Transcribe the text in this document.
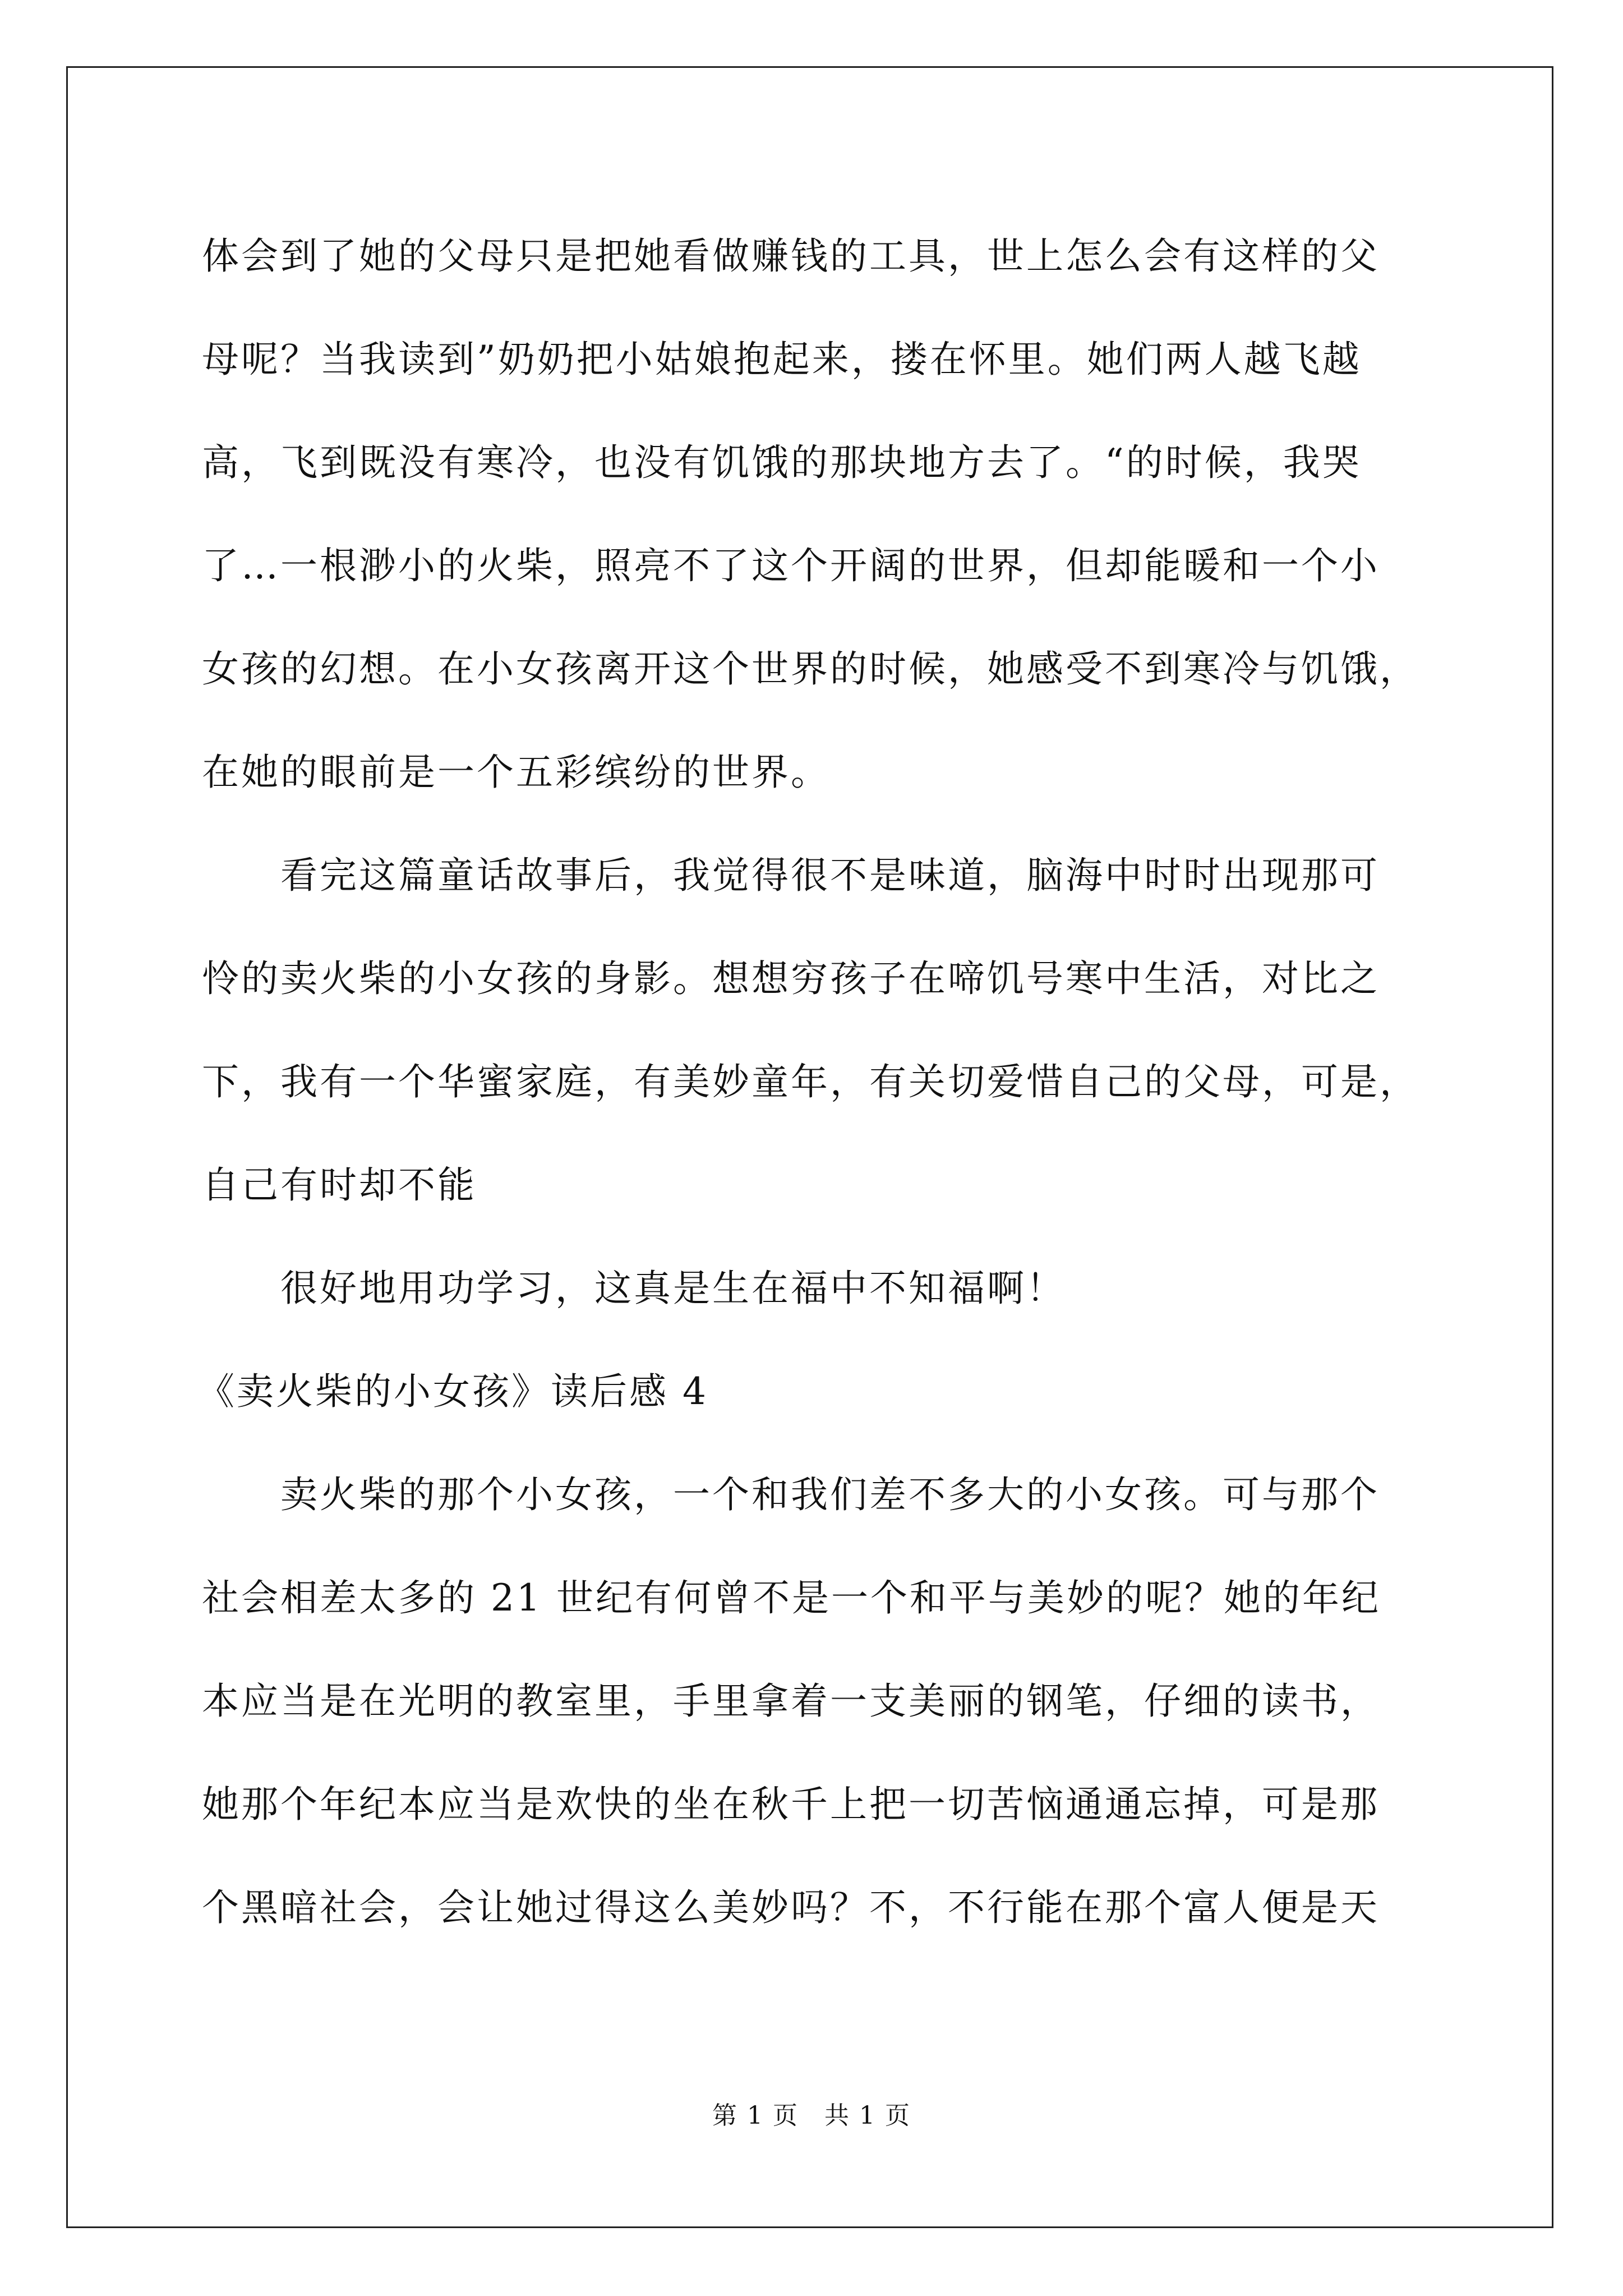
体会到了她的父母只是把她看做赚钱的工具，世上怎么会有这样的父
母呢？当我读到”奶奶把小姑娘抱起来，搂在怀里。她们两人越飞越
高，飞到既没有寒冷，也没有饥饿的那块地方去了。“的时候，我哭
了…一根渺小的火柴，照亮不了这个开阔的世界，但却能暖和一个小
女孩的幻想。在小女孩离开这个世界的时候，她感受不到寒冷与饥饿，
在她的眼前是一个五彩缤纷的世界。
看完这篇童话故事后，我觉得很不是味道，脑海中时时出现那可
怜的卖火柴的小女孩的身影。想想穷孩子在啼饥号寒中生活，对比之
下，我有一个华蜜家庭，有美妙童年，有关切爱惜自己的父母，可是，
自己有时却不能
很好地用功学习，这真是生在福中不知福啊！
《卖火柴的小女孩》读后感 4
卖火柴的那个小女孩，一个和我们差不多大的小女孩。可与那个
社会相差太多的 21 世纪有何曾不是一个和平与美妙的呢？她的年纪
本应当是在光明的教室里，手里拿着一支美丽的钢笔，仔细的读书，
她那个年纪本应当是欢快的坐在秋千上把一切苦恼通通忘掉，可是那
个黑暗社会，会让她过得这么美妙吗？不，不行能在那个富人便是天
第 1 页　共 1 页
